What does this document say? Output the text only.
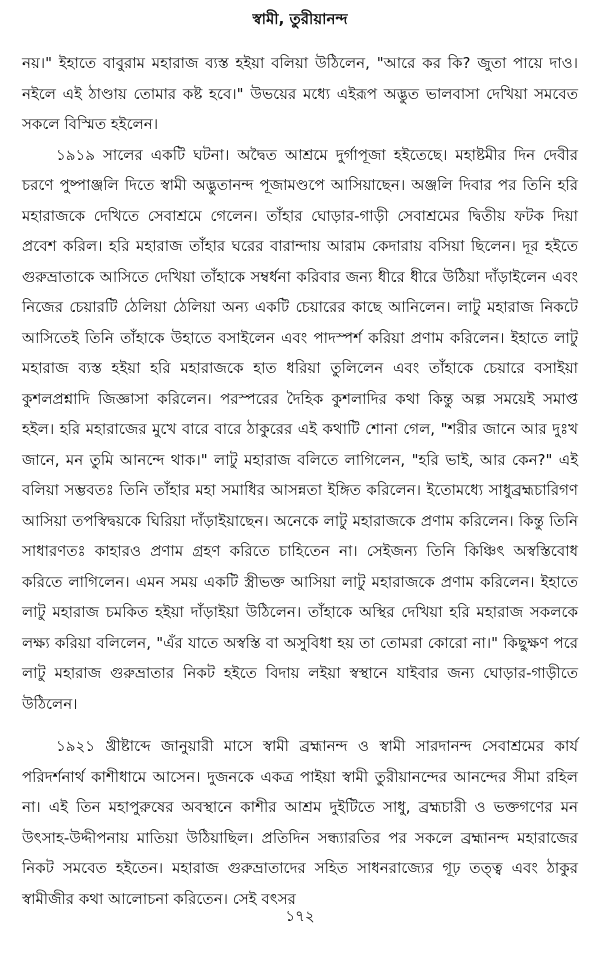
স্বামী, তুরীয়ানন্দ

নয়।" ইহাতে বাবুরাম মহারাজ ব্যস্ত হইয়া বলিয়া উঠিলেন, "আরে কর কি? জুতা পায়ে দাও। নইলে এই ঠাণ্ডায় তোমার কষ্ট হবে।" উভয়ের মধ্যে এইরূপ অদ্ভুত ভালবাসা দেখিয়া সমবেত সকলে বিস্মিত হইলেন।

১৯১৯ সালের একটি ঘটনা। অদ্বৈত আশ্রমে দুর্গাপূজা হইতেছে। মহাষ্টমীর দিন দেবীর চরণে পুষ্পাঞ্জলি দিতে স্বামী অদ্ভুতানন্দ পূজামণ্ডপে আসিয়াছেন। অঞ্জলি দিবার পর তিনি হরি মহারাজকে দেখিতে সেবাশ্রমে গেলেন। তাঁহার ঘোড়ার-গাড়ী সেবাশ্রমের দ্বিতীয় ফটক দিয়া প্রবেশ করিল। হরি মহারাজ তাঁহার ঘরের বারান্দায় আরাম কেদারায় বসিয়া ছিলেন। দূর হইতে গুরুভ্রাতাকে আসিতে দেখিয়া তাঁহাকে সম্বর্ধনা করিবার জন্য ধীরে ধীরে উঠিয়া দাঁড়াইলেন এবং নিজের চেয়ারটি ঠেলিয়া ঠেলিয়া অন্য একটি চেয়ারের কাছে আনিলেন। লাটু মহারাজ নিকটে আসিতেই তিনি তাঁহাকে উহাতে বসাইলেন এবং পাদস্পর্শ করিয়া প্রণাম করিলেন। ইহাতে লাটু মহারাজ ব্যস্ত হইয়া হরি মহারাজকে হাত ধরিয়া তুলিলেন এবং তাঁহাকে চেয়ারে বসাইয়া কুশলপ্রশ্নাদি জিজ্ঞাসা করিলেন। পরস্পরের দৈহিক কুশলাদির কথা কিন্তু অল্প সময়েই সমাপ্ত হইল। হরি মহারাজের মুখে বারে বারে ঠাকুরের এই কথাটি শোনা গেল, "শরীর জানে আর দুঃখ জানে, মন তুমি আনন্দে থাক।" লাটু মহারাজ বলিতে লাগিলেন, "হরি ভাই, আর কেন?" এই বলিয়া সম্ভবতঃ তিনি তাঁহার মহা সমাধির আসন্নতা ইঙ্গিত করিলেন। ইতোমধ্যে সাধুব্রহ্মচারিগণ আসিয়া তপস্বিদ্বয়কে ঘিরিয়া দাঁড়াইয়াছেন। অনেকে লাটু মহারাজকে প্রণাম করিলেন। কিন্তু তিনি সাধারণতঃ কাহারও প্রণাম গ্রহণ করিতে চাহিতেন না। সেইজন্য তিনি কিঞ্চিৎ অস্বস্তিবোধ করিতে লাগিলেন। এমন সময় একটি স্ত্রীভক্ত আসিয়া লাটু মহারাজকে প্রণাম করিলেন। ইহাতে লাটু মহারাজ চমকিত হইয়া দাঁড়াইয়া উঠিলেন। তাঁহাকে অস্থির দেখিয়া হরি মহারাজ সকলকে লক্ষ্য করিয়া বলিলেন, "এঁর যাতে অস্বস্তি বা অসুবিধা হয় তা তোমরা কোরো না।" কিছুক্ষণ পরে লাটু মহারাজ গুরুভ্রাতার নিকট হইতে বিদায় লইয়া স্বস্থানে যাইবার জন্য ঘোড়ার-গাড়ীতে উঠিলেন।

১৯২১ খ্রীষ্টাব্দে জানুয়ারী মাসে স্বামী ব্রহ্মানন্দ ও স্বামী সারদানন্দ সেবাশ্রমের কার্য পরিদর্শনার্থ কাশীধামে আসেন। দুজনকে একত্র পাইয়া স্বামী তুরীয়ানন্দের আনন্দের সীমা রহিল না। এই তিন মহাপুরুষের অবস্থানে কাশীর আশ্রম দুইটিতে সাধু, ব্রহ্মচারী ও ভক্তগণের মন উৎসাহ-উদ্দীপনায় মাতিয়া উঠিয়াছিল। প্রতিদিন সন্ধ্যারতির পর সকলে ব্রহ্মানন্দ মহারাজের নিকট সমবেত হইতেন। মহারাজ গুরুভ্রাতাদের সহিত সাধনরাজ্যের গূঢ় তত্ত্ব এবং ঠাকুর স্বামীজীর কথা আলোচনা করিতেন। সেই বৎসর

১৭২
